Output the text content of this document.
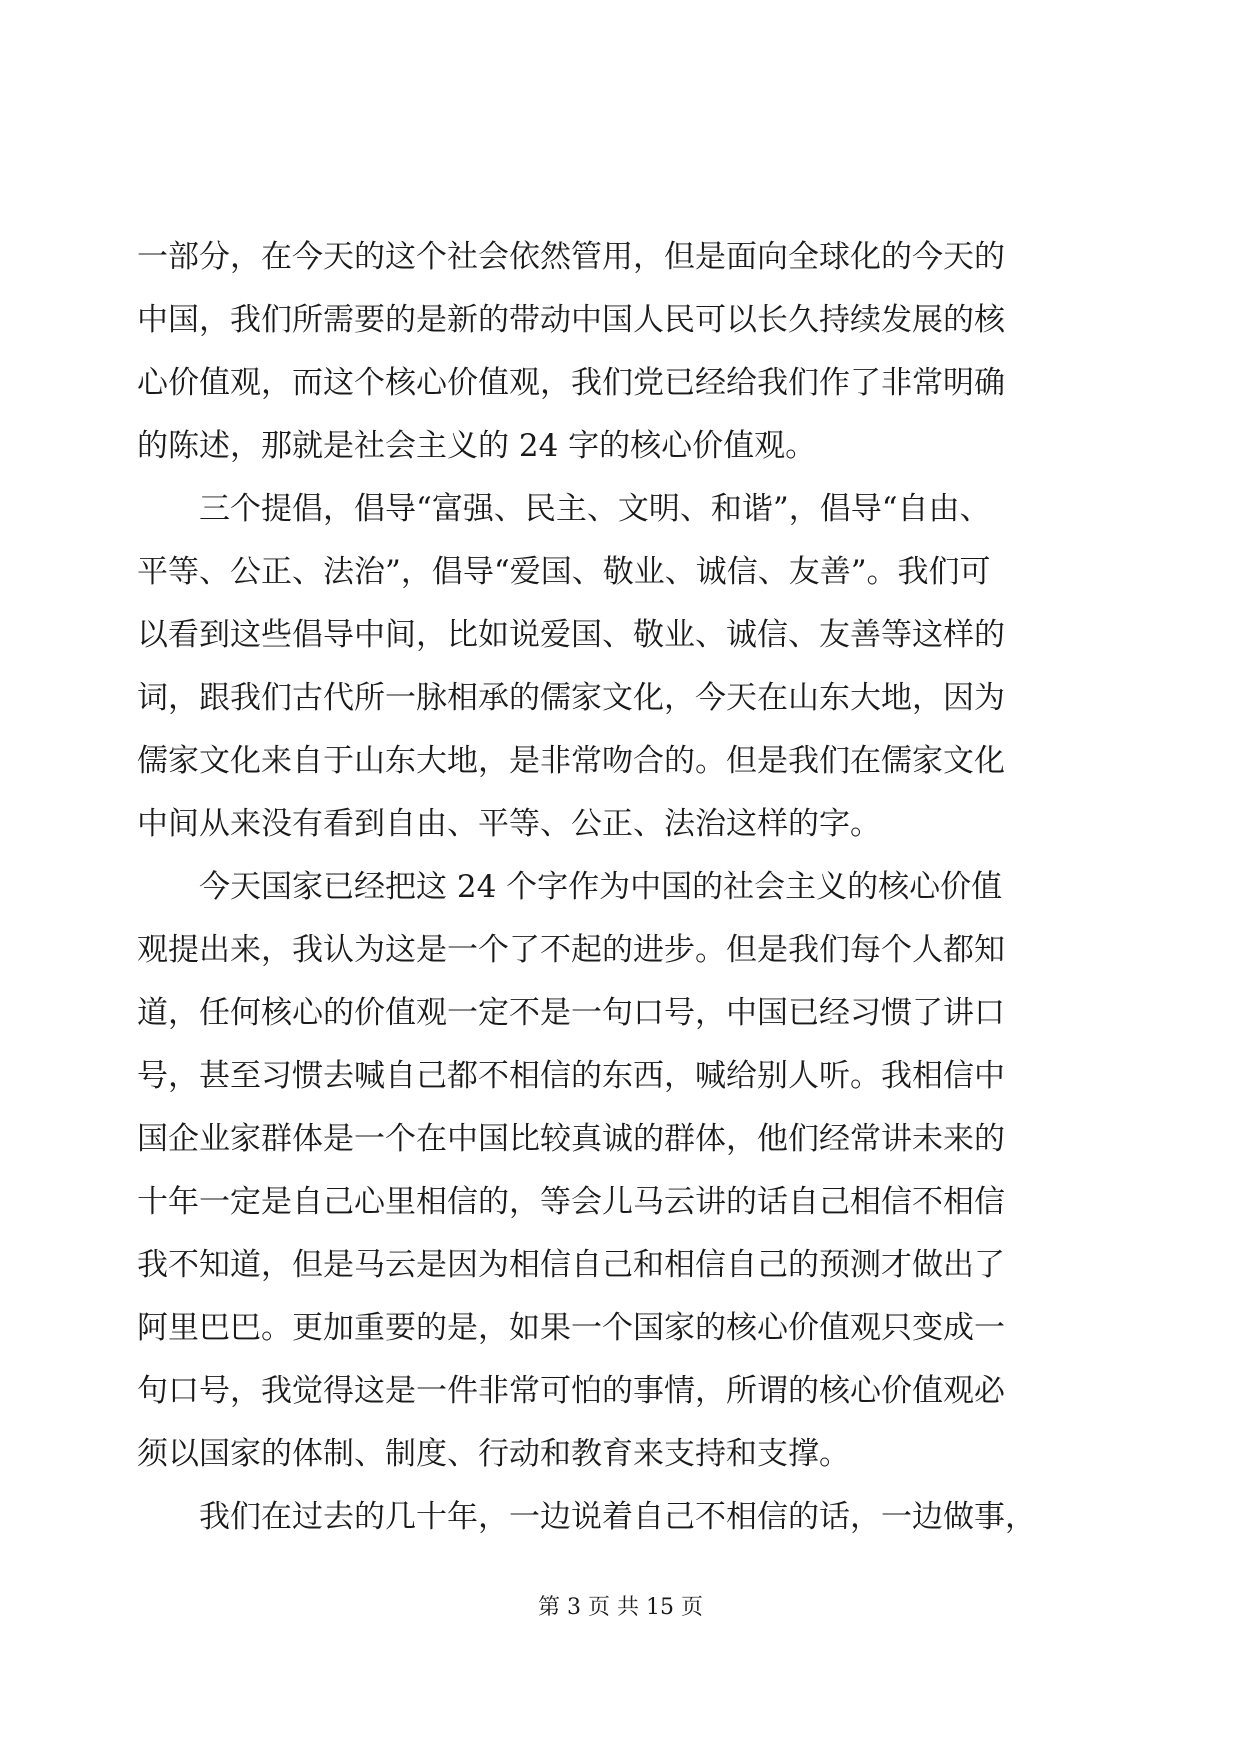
一部分，在今天的这个社会依然管用，但是面向全球化的今天的
中国，我们所需要的是新的带动中国人民可以长久持续发展的核
心价值观，而这个核心价值观，我们党已经给我们作了非常明确
的陈述，那就是社会主义的 24 字的核心价值观。
　　三个提倡，倡导“富强、民主、文明、和谐”，倡导“自由、
平等、公正、法治”，倡导“爱国、敬业、诚信、友善”。我们可
以看到这些倡导中间，比如说爱国、敬业、诚信、友善等这样的
词，跟我们古代所一脉相承的儒家文化，今天在山东大地，因为
儒家文化来自于山东大地，是非常吻合的。但是我们在儒家文化
中间从来没有看到自由、平等、公正、法治这样的字。
　　今天国家已经把这 24 个字作为中国的社会主义的核心价值
观提出来，我认为这是一个了不起的进步。但是我们每个人都知
道，任何核心的价值观一定不是一句口号，中国已经习惯了讲口
号，甚至习惯去喊自己都不相信的东西，喊给别人听。我相信中
国企业家群体是一个在中国比较真诚的群体，他们经常讲未来的
十年一定是自己心里相信的，等会儿马云讲的话自己相信不相信
我不知道，但是马云是因为相信自己和相信自己的预测才做出了
阿里巴巴。更加重要的是，如果一个国家的核心价值观只变成一
句口号，我觉得这是一件非常可怕的事情，所谓的核心价值观必
须以国家的体制、制度、行动和教育来支持和支撑。
　　我们在过去的几十年，一边说着自己不相信的话，一边做事，
第 3 页 共 15 页
